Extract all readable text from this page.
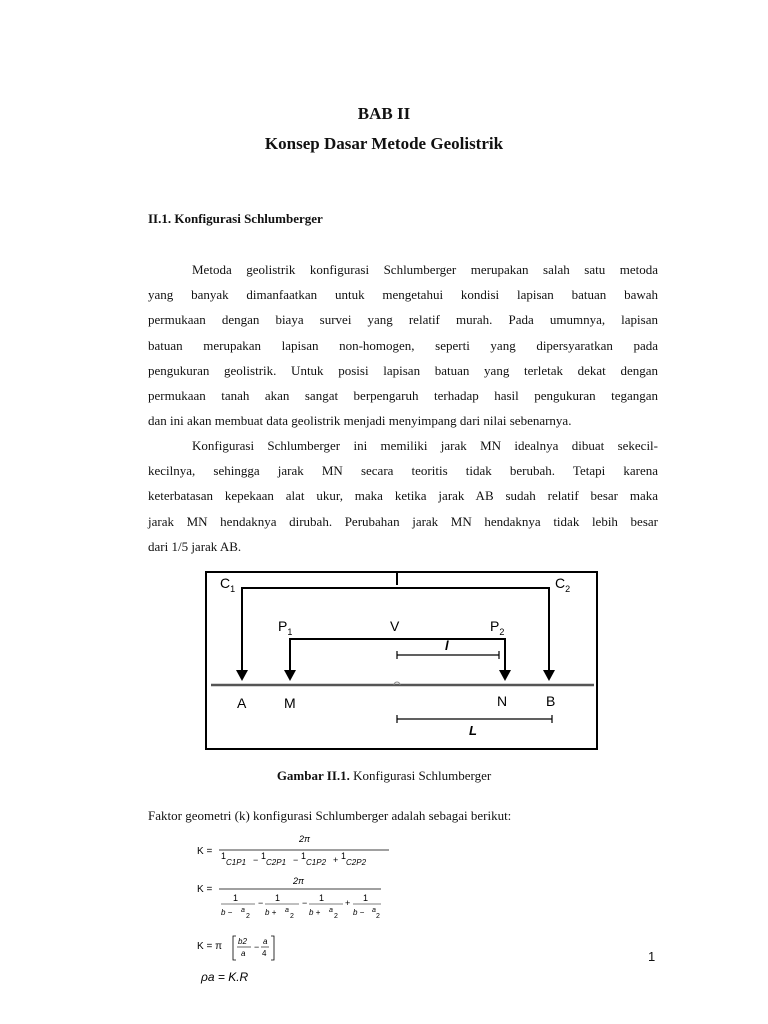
BAB II
Konsep Dasar Metode Geolistrik
II.1. Konfigurasi Schlumberger
Metoda geolistrik konfigurasi Schlumberger merupakan salah satu metoda
yang banyak dimanfaatkan untuk mengetahui kondisi lapisan batuan bawah
permukaan dengan biaya survei yang relatif murah. Pada umumnya, lapisan
batuan merupakan lapisan non-homogen, seperti yang dipersyaratkan pada
pengukuran geolistrik. Untuk posisi lapisan batuan yang terletak dekat dengan
permukaan tanah akan sangat berpengaruh terhadap hasil pengukuran tegangan
dan ini akan membuat data geolistrik menjadi menyimpang dari nilai sebenarnya.
Konfigurasi Schlumberger ini memiliki jarak MN idealnya dibuat sekecil-
kecilnya, sehingga jarak MN secara teoritis tidak berubah. Tetapi karena
keterbatasan kepekaan alat ukur, maka ketika jarak AB sudah relatif besar maka
jarak MN hendaknya dirubah. Perubahan jarak MN hendaknya tidak lebih besar
dari 1/5 jarak AB.
$C_1$	$C_2$
$P_1$	V	$P_2$
l
A	M	N	B
L
Gambar II.1. Konfigurasi Schlumberger
Faktor geometri (k) konfigurasi Schlumberger adalah sebagai berikut:
K =
2π
1
C1P1 − 1
C2P1 − 1
C1P2 + 1
C2P2
K =
2π
1
b − a
2
− 1
b + a
2
− 1
b + a
2
+ 1
b − a
2
K = π b2
a
−
a
4
ρa = K.R
1
